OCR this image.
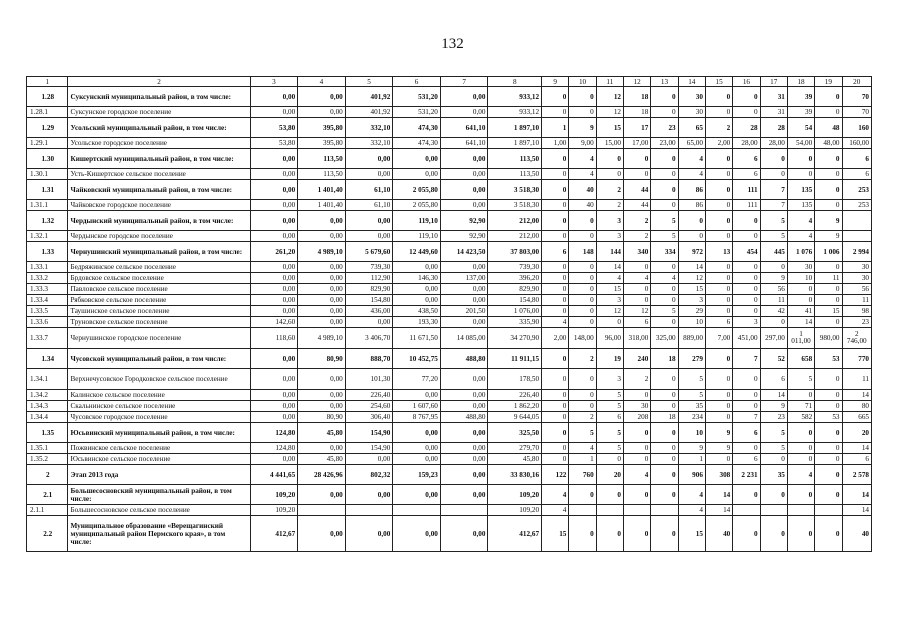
132
1	2	3	4	5	6	7	8	9	10	11	12	13	14	15	16	17	18	19	20
1.28	Суксунский муниципальный район, в том числе:	0,00	0,00	401,92	531,20	0,00	933,12	0	0	12	18	0	30	0	0	31	39	0	70
1.28.1	Суксунское городское поселение	0,00	0,00	401,92	531,20	0,00	933,12	0	0	12	18	0	30	0	0	31	39	0	70
1.29	Усольский муниципальный район, в том числе:	53,80	395,80	332,10	474,30	641,10	1 897,10	1	9	15	17	23	65	2	28	28	54	48	160
1.29.1	Усольское городское поселение	53,80	395,80	332,10	474,30	641,10	1 897,10	1,00	9,00	15,00	17,00	23,00	65,00	2,00	28,00	28,00	54,00	48,00	160,00
1.30	Кишертский муниципальный район, в том числе:	0,00	113,50	0,00	0,00	0,00	113,50	0	4	0	0	0	4	0	6	0	0	0	6
1.30.1	Усть-Кишертское сельское поселение	0,00	113,50	0,00	0,00	0,00	113,50	0	4	0	0	0	4	0	6	0	0	0	6
1.31	Чайковский муниципальный район, в том числе:	0,00	1 401,40	61,10	2 055,80	0,00	3 518,30	0	40	2	44	0	86	0	111	7	135	0	253
1.31.1	Чайковское городское поселение	0,00	1 401,40	61,10	2 055,80	0,00	3 518,30	0	40	2	44	0	86	0	111	7	135	0	253
1.32	Чердынский муниципальный район, в том числе:	0,00	0,00	0,00	119,10	92,90	212,00	0	0	3	2	5	0	0	0	5	4	9	
1.32.1	Чердынское городское поселение	0,00	0,00	0,00	119,10	92,90	212,00	0	0	3	2	5	0	0	0	5	4	9	
1.33	Чернушинский муниципальный район, в том числе:	261,20	4 989,10	5 679,60	12 449,60	14 423,50	37 803,00	6	148	144	340	334	972	13	454	445	1 076	1 006	2 994
1.33.1	Бедряжинское сельское поселение	0,00	0,00	739,30	0,00	0,00	739,30	0	0	14	0	0	14	0	0	0	30	0	30
1.33.2	Брдовское сельское поселение	0,00	0,00	112,90	146,30	137,00	396,20	0	0	4	4	4	12	0	0	9	10	11	30
1.33.3	Павловское сельское поселение	0,00	0,00	829,90	0,00	0,00	829,90	0	0	15	0	0	15	0	0	56	0	0	56
1.33.4	Рябковское сельское поселение	0,00	0,00	154,80	0,00	0,00	154,80	0	0	3	0	0	3	0	0	11	0	0	11
1.33.5	Таушинское сельское поселение	0,00	0,00	436,00	438,50	201,50	1 076,00	0	0	12	12	5	29	0	0	42	41	15	98
1.33.6	Труновское сельское поселение	142,60	0,00	0,00	193,30	0,00	335,90	4	0	0	6	0	10	6	3	0	14	0	23
1.33.7	Чернушинское городское поселение	118,60	4 989,10	3 406,70	11 671,50	14 085,00	34 270,90	2,00	148,00	96,00	318,00	325,00	889,00	7,00	451,00	297,00	1 011,00	980,00	2 746,00
1.34	Чусовской муниципальный район, в том числе:	0,00	80,90	888,70	10 452,75	488,80	11 911,15	0	2	19	240	18	279	0	7	52	658	53	770
1.34.1	Верхнечусовское Городковское сельское поселение	0,00	0,00	101,30	77,20	0,00	178,50	0	0	3	2	0	5	0	0	6	5	0	11
1.34.2	Калинское сельское поселение	0,00	0,00	226,40	0,00	0,00	226,40	0	0	5	0	0	5	0	0	14	0	0	14
1.34.3	Скальнинское сельское поселение	0,00	0,00	254,60	1 607,60	0,00	1 862,20	0	0	5	30	0	35	0	0	9	71	0	80
1.34.4	Чусовское городское поселение	0,00	80,90	306,40	8 767,95	488,80	9 644,05	0	2	6	208	18	234	0	7	23	582	53	665
1.35	Юсьвинский муниципальный район, в том числе:	124,80	45,80	154,90	0,00	0,00	325,50	0	5	5	0	0	10	9	6	5	0	0	20
1.35.1	Пожвинское сельское поселение	124,80	0,00	154,90	0,00	0,00	279,70	0	4	5	0	0	9	9	0	5	0	0	14
1.35.2	Юсьвинское сельское поселение	0,00	45,80	0,00	0,00	0,00	45,80	0	1	0	0	0	1	0	6	0	0	0	6
2	Этап 2013 года	4 441,65	28 426,96	802,32	159,23	0,00	33 830,16	122	760	20	4	0	906	308	2 231	35	4	0	2 578
2.1	Большесосновский муниципальный район, в том числе:	109,20	0,00	0,00	0,00	0,00	109,20	4	0	0	0	0	4	14	0	0	0	0	14
2.1.1	Большесосновское сельское поселение	109,20					109,20	4					4	14					14
2.2	Муниципальное образование «Верещагинский муниципальный район Пермского края», в том числе:	412,67	0,00	0,00	0,00	0,00	412,67	15	0	0	0	0	15	40	0	0	0	0	40
